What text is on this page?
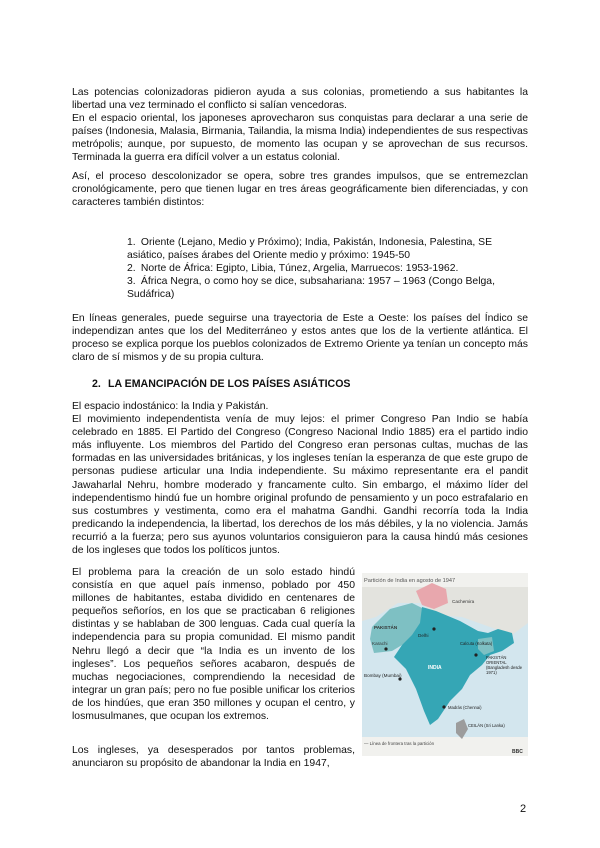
Las potencias colonizadoras pidieron ayuda a sus colonias, prometiendo a sus habitantes la libertad una vez terminado el conflicto si salían vencedoras.

En el espacio oriental, los japoneses aprovecharon sus conquistas para declarar a una serie de países (Indonesia, Malasia, Birmania, Tailandia, la misma India) independientes de sus respectivas metrópolis; aunque, por supuesto, de momento las ocupan y se aprovechan de sus recursos. Terminada la guerra era difícil volver a un estatus colonial.

Así, el proceso descolonizador se opera, sobre tres grandes impulsos, que se entremezclan cronológicamente, pero que tienen lugar en tres áreas geográficamente bien diferenciadas, y con caracteres también distintos:

1. Oriente (Lejano, Medio y Próximo); India, Pakistán, Indonesia, Palestina, SE asiático, países árabes del Oriente medio y próximo: 1945-50
2. Norte de África: Egipto, Libia, Túnez, Argelia, Marruecos: 1953-1962.
3. África Negra, o como hoy se dice, subsahariana: 1957 – 1963 (Congo Belga, Sudáfrica)

En líneas generales, puede seguirse una trayectoria de Este a Oeste: los países del Índico se independizan antes que los del Mediterráneo y estos antes que los de la vertiente atlántica. El proceso se explica porque los pueblos colonizados de Extremo Oriente ya tenían un concepto más claro de sí mismos y de su propia cultura.

2. LA EMANCIPACIÓN DE LOS PAÍSES ASIÁTICOS

El espacio indostánico: la India y Pakistán.

El movimiento independentista venía de muy lejos: el primer Congreso Pan Indio se había celebrado en 1885. El Partido del Congreso (Congreso Nacional Indio 1885) era el partido indio más influyente. Los miembros del Partido del Congreso eran personas cultas, muchas de las formadas en las universidades británicas, y los ingleses tenían la esperanza de que este grupo de personas pudiese articular una India independiente. Su máximo representante era el pandit Jawaharlal Nehru, hombre moderado y francamente culto. Sin embargo, el máximo líder del independentismo hindú fue un hombre original profundo de pensamiento y un poco estrafalario en sus costumbres y vestimenta, como era el mahatma Gandhi. Gandhi recorría toda la India predicando la independencia, la libertad, los derechos de los más débiles, y la no violencia. Jamás recurrió a la fuerza; pero sus ayunos voluntarios consiguieron para la causa hindú más cesiones de los ingleses que todos los políticos juntos.

El problema para la creación de un solo estado hindú consistía en que aquel país inmenso, poblado por 450 millones de habitantes, estaba dividido en centenares de pequeños señoríos, en los que se practicaban 6 religiones distintas y se hablaban de 300 lenguas. Cada cual quería la independencia para su propia comunidad. El mismo pandit Nehru llegó a decir que “la India es un invento de los ingleses”. Los pequeños señores acabaron, después de muchas negociaciones, comprendiendo la necesidad de integrar un gran país; pero no fue posible unificar los criterios de los hindúes, que eran 350 millones y ocupan el centro, y losmusulmanes, que ocupan los extremos.

Los ingleses, ya desesperados por tantos problemas, anunciaron su propósito de abandonar la India en 1947,

Partición de India en agosto de 1947
Cachemira
PAKISTÁN
Karachi
Delhi
Bombay (Mumbai)
INDIA
Calcuta (Kolkata)
PAKISTÁN ORIENTAL (Bangladesh desde 1971)
Madrás (Chennai)
CEILÁN (Sri Lanka)
— Línea de frontera tras la partición
BBC
2
